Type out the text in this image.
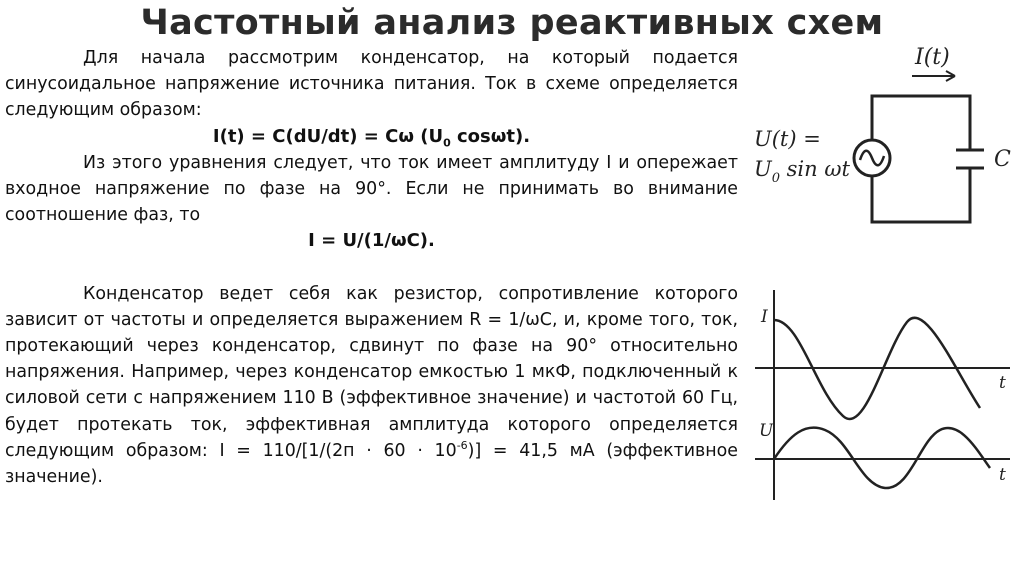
Частотный анализ реактивных схем

Для начала рассмотрим конденсатор, на который подается синусоидальное напряжение источника питания. Ток в схеме определяется следующим образом:

I(t) = C(dU/dt) = Cω ($U_0$ cosωt).

Из этого уравнения следует, что ток имеет амплитуду I и опережает входное напряжение по фазе на 90°. Если не принимать во внимание соотношение фаз, то

I = U/(1/ωC).

Конденсатор ведет себя как резистор, сопротивление которого зависит от частоты и определяется выражением R = 1/ωC, и, кроме того, ток, протекающий через конденсатор, сдвинут по фазе на 90° относительно напряжения. Например, через конденсатор емкостью 1 мкФ, подключенный к силовой сети с напряжением 110 В (эффективное значение) и частотой 60 Гц, будет протекать ток, эффективная амплитуда которого определяется следующим образом: $I = 110/[1/(2п \cdot 60 \cdot 10^{-6})] = 41,5$ мА (эффективное значение).

I(t)
U(t) =
$U_0$ sin ωt	C
I
t
U
t
